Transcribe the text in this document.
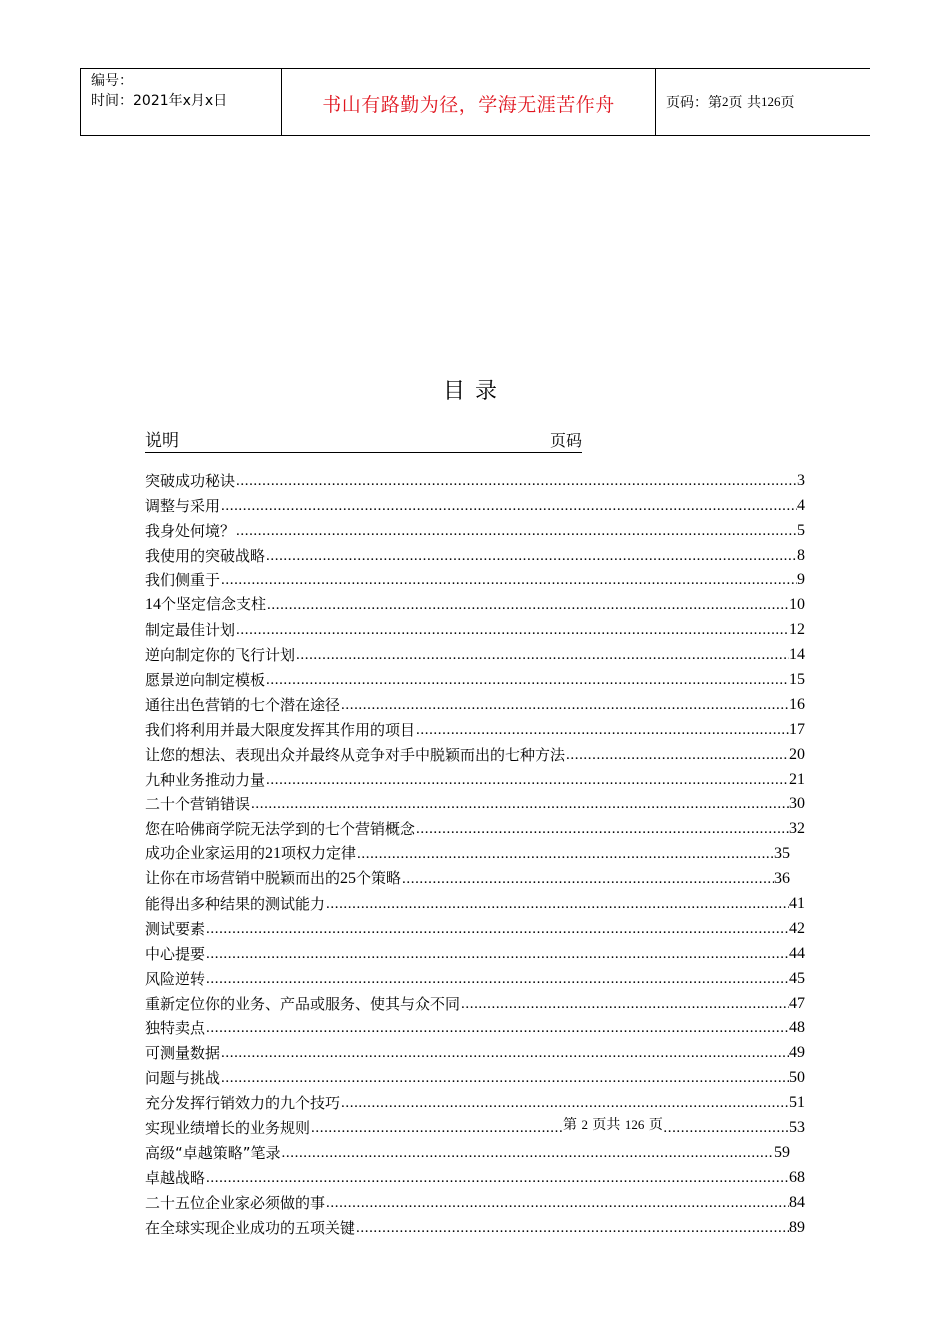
编号：
时间：2021年x月x日	书山有路勤为径，学海无涯苦作舟	页码：第 2 页 共 126 页
目录
说明	页码
突破成功秘诀 .....	3
调整与采用 .....	4
我身处何境？ .....	5
我使用的突破战略 .....	8
我们侧重于 .....	9
14个坚定信念支柱 .....	10
制定最佳计划 .....	12
逆向制定你的飞行计划 .....	14
愿景逆向制定模板 .....	15
通往出色营销的七个潜在途径 .....	16
我们将利用并最大限度发挥其作用的项目 .....	17
让您的想法、表现出众并最终从竞争对手中脱颖而出的七种方法 .....	20
九种业务推动力量 .....	21
二十个营销错误 .....	30
您在哈佛商学院无法学到的七个营销概念 .....	32
成功企业家运用的21项权力定律 .....	35
让你在市场营销中脱颖而出的25个策略 .....	36
能得出多种结果的测试能力 .....	41
测试要素 .....	42
中心提要 .....	44
风险逆转 .....	45
重新定位你的业务、产品或服务、使其与众不同 .....	47
独特卖点 .....	48
可测量数据 .....	49
问题与挑战 .....	50
充分发挥行销效力的九个技巧 .....	51
实现业绩增长的业务规则 .....	53
高级“卓越策略”笔录 .....	59
卓越战略 .....	68
二十五位企业家必须做的事 .....	84
在全球实现企业成功的五项关键 .....	89
第 2 页共 126 页
